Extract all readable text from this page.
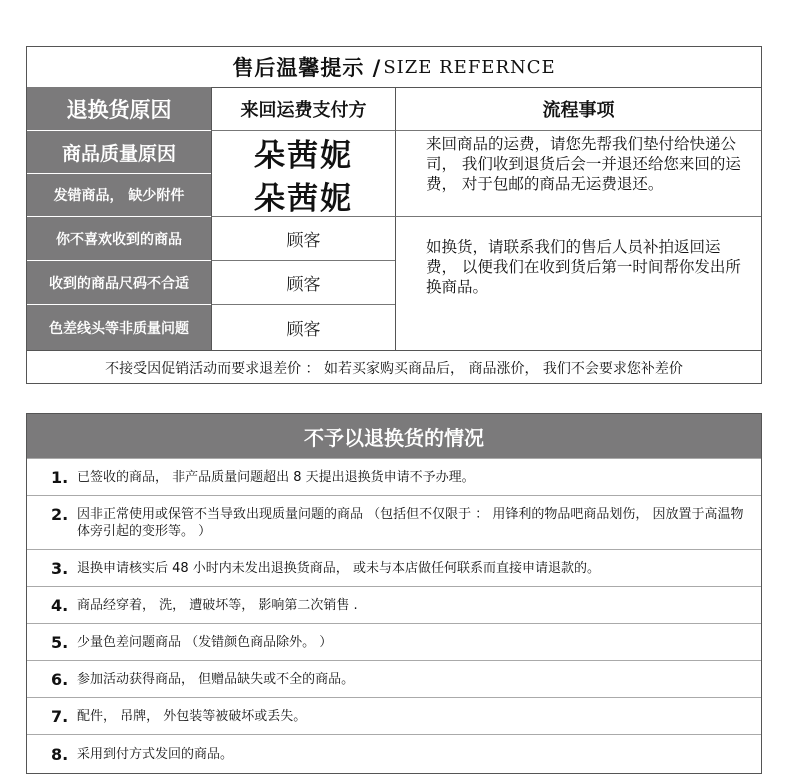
售后温馨提示 / SIZE REFERNCE
退换货原因	来回运费支付方	流程事项
商品质量原因	朵茜妮
发错商品， 缺少附件	朵茜妮
来回商品的运费，请您先帮我们垫付给快递公司， 我们收到退货后会一并退还给您来回的运费， 对于包邮的商品无运费退还。
你不喜欢收到的商品	顾客
收到的商品尺码不合适	顾客
色差线头等非质量问题	顾客
如换货，请联系我们的售后人员补拍返回运费， 以便我们在收到货后第一时间帮你发出所换商品。
不接受因促销活动而要求退差价 ： 如若买家购买商品后， 商品涨价， 我们不会要求您补差价
不予以退换货的情况
1. 已签收的商品， 非产品质量问题超出 8 天提出退换货申请不予办理。
2. 因非正常使用或保管不当导致出现质量问题的商品 （包括但不仅限于 ： 用锋利的物品吧商品划伤， 因放置于高温物体旁引起的变形等。 ）
3. 退换申请核实后 48 小时内未发出退换货商品， 或未与本店做任何联系而直接申请退款的。
4. 商品经穿着， 洗， 遭破坏等， 影响第二次销售 .
5. 少量色差问题商品 （发错颜色商品除外。 ）
6. 参加活动获得商品， 但赠品缺失或不全的商品。
7. 配件， 吊牌， 外包装等被破坏或丢失。
8. 采用到付方式发回的商品。
